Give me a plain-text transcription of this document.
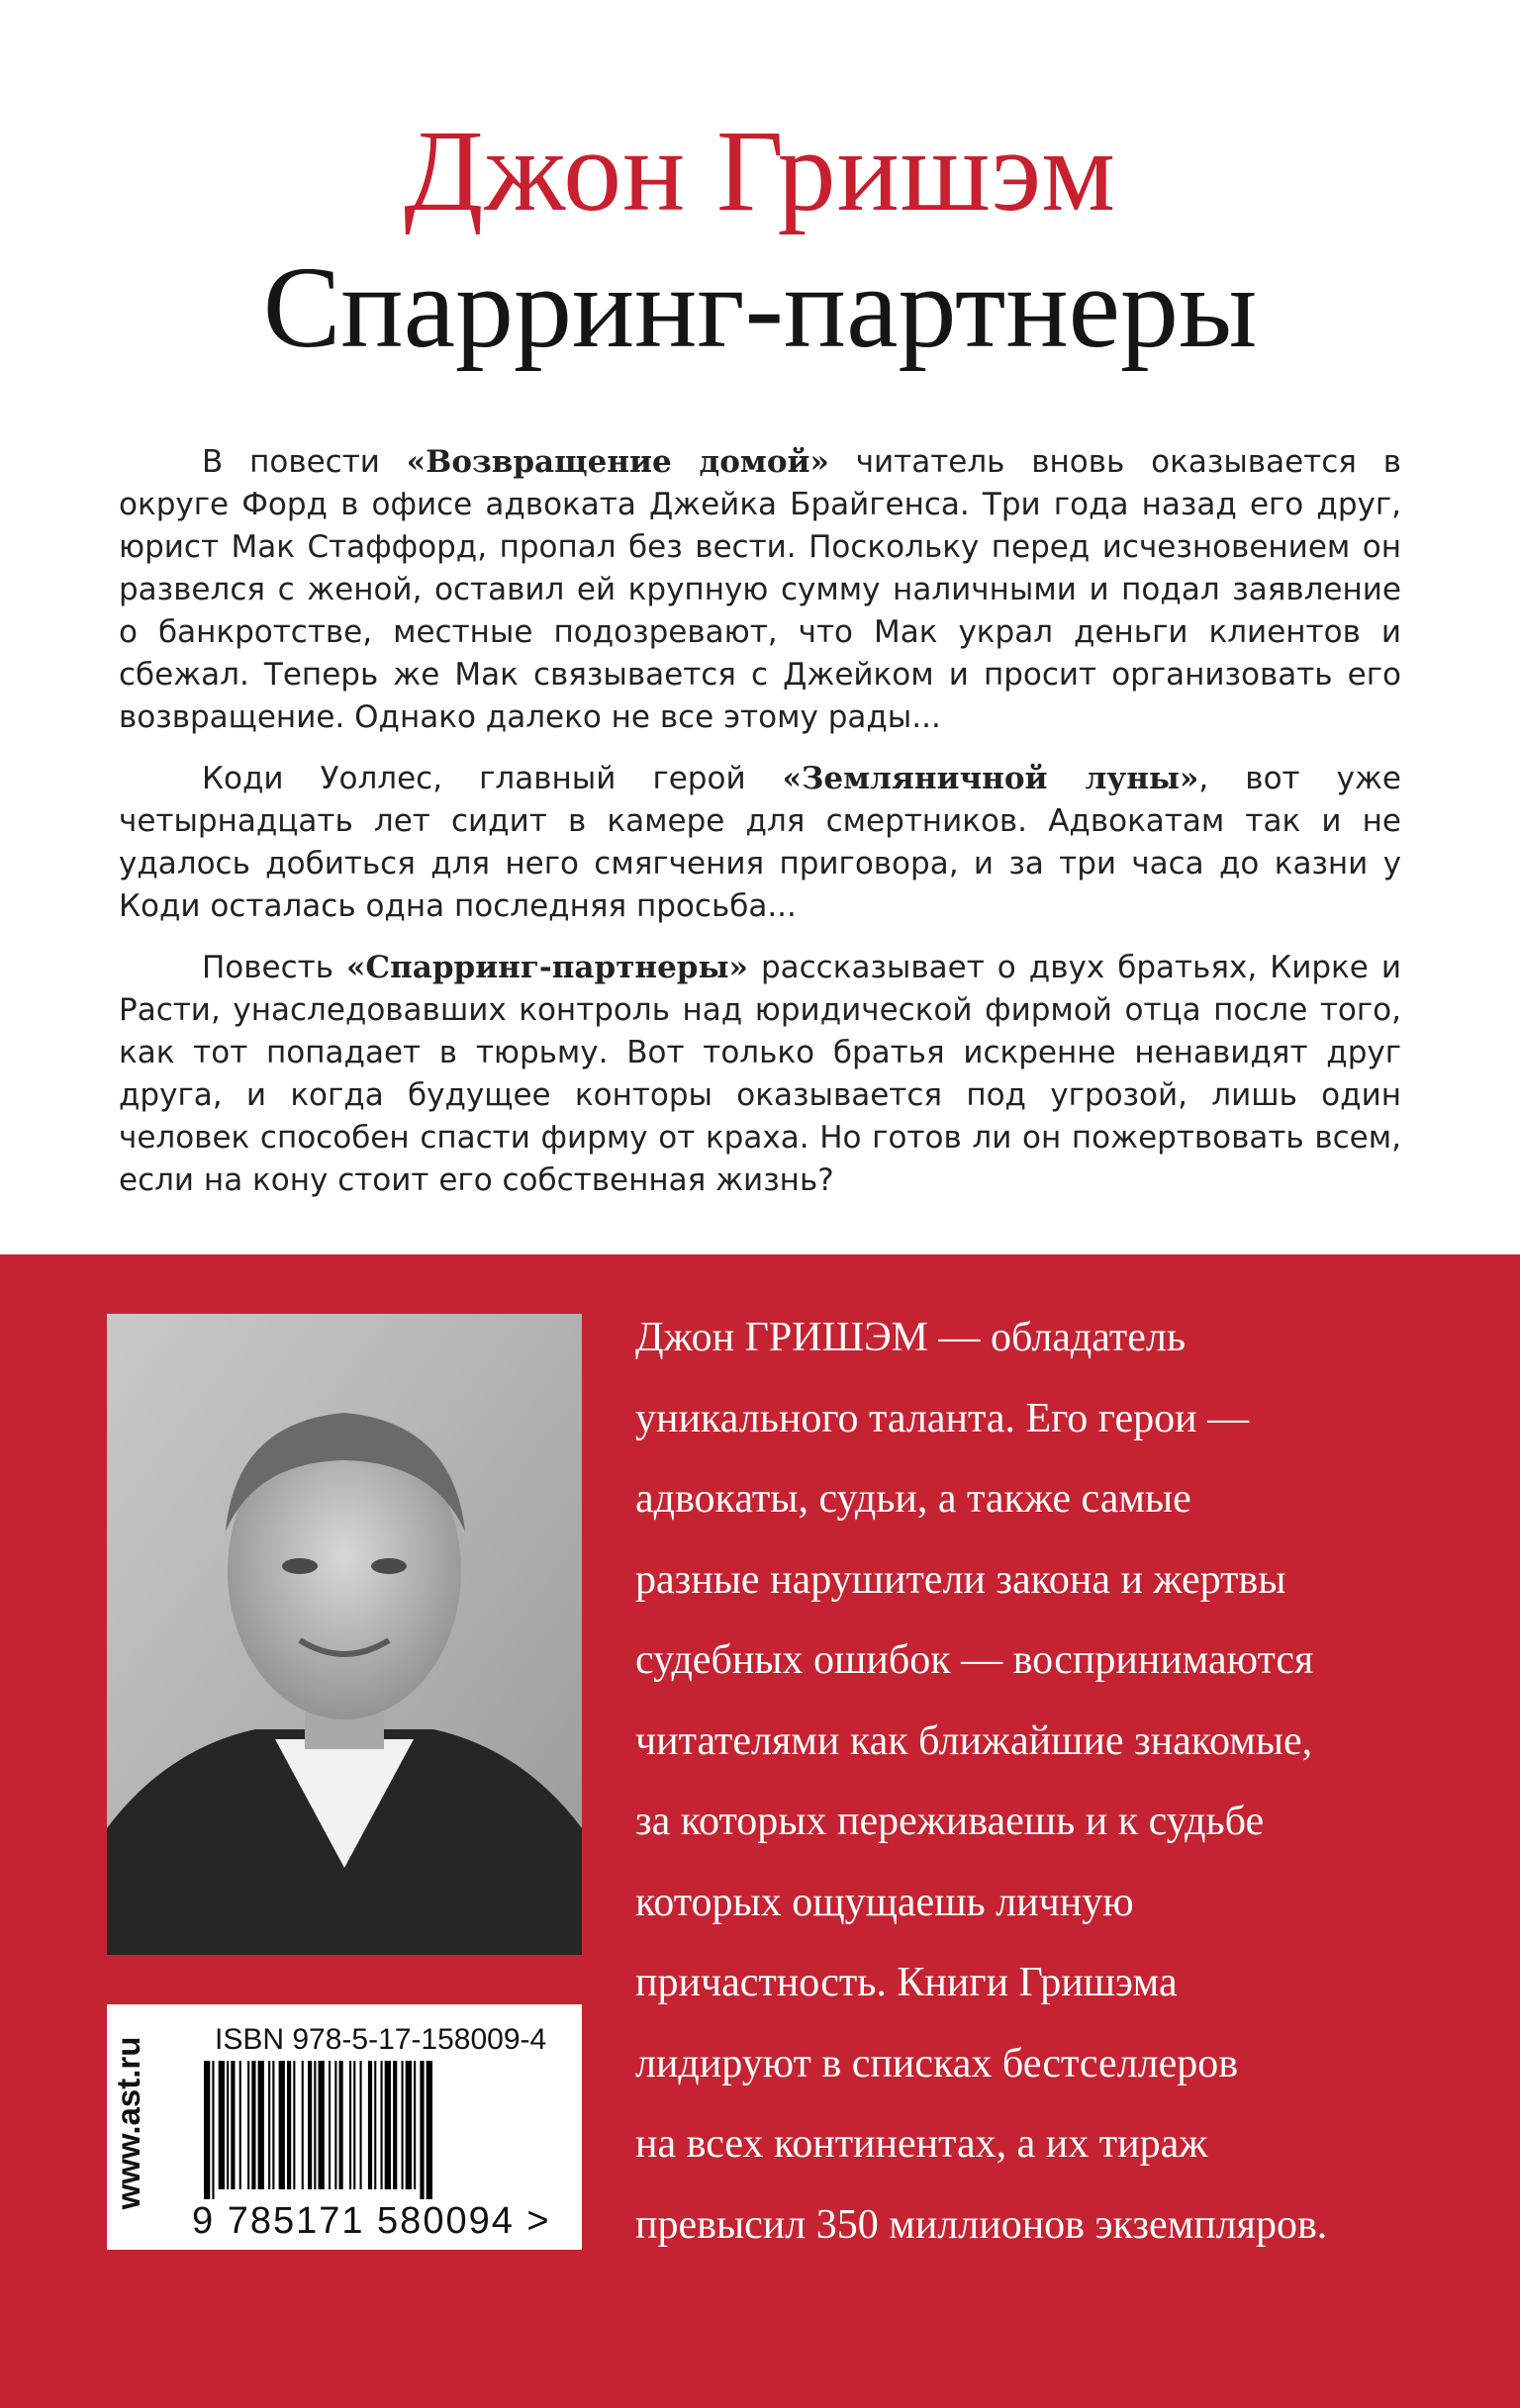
Джон Гришэм
Спарринг-партнеры

В повести «Возвращение домой» читатель вновь оказывается в округе Форд в офисе адвоката Джейка Брайгенса. Три года назад его друг, юрист Мак Стаффорд, пропал без вести. Поскольку перед исчезновением он развелся с женой, оставил ей крупную сумму наличными и подал заявление о банкротстве, местные подозревают, что Мак украл деньги клиентов и сбежал. Теперь же Мак связывается с Джейком и просит организовать его возвращение. Однако далеко не все этому рады...

Коди Уоллес, главный герой «Земляничной луны», вот уже четырнадцать лет сидит в камере для смертников. Адвокатам так и не удалось добиться для него смягчения приговора, и за три часа до казни у Коди осталась одна последняя просьба...

Повесть «Спарринг-партнеры» рассказывает о двух братьях, Кирке и Расти, унаследовавших контроль над юридической фирмой отца после того, как тот попадает в тюрьму. Вот только братья искренне ненавидят друг друга, и когда будущее конторы оказывается под угрозой, лишь один человек способен спасти фирму от краха. Но готов ли он пожертвовать всем, если на кону стоит его собственная жизнь?

www.ast.ru ISBN 978-5-17-158009-4
9 785171 580094 >
Джон ГРИШЭМ — обладатель
уникального таланта. Его герои —
адвокаты, судьи, а также самые
разные нарушители закона и жертвы
судебных ошибок — воспринимаются
читателями как ближайшие знакомые,
за которых переживаешь и к судьбе
которых ощущаешь личную
причастность. Книги Гришэма
лидируют в списках бестселлеров
на всех континентах, а их тираж
превысил 350 миллионов экземпляров.
